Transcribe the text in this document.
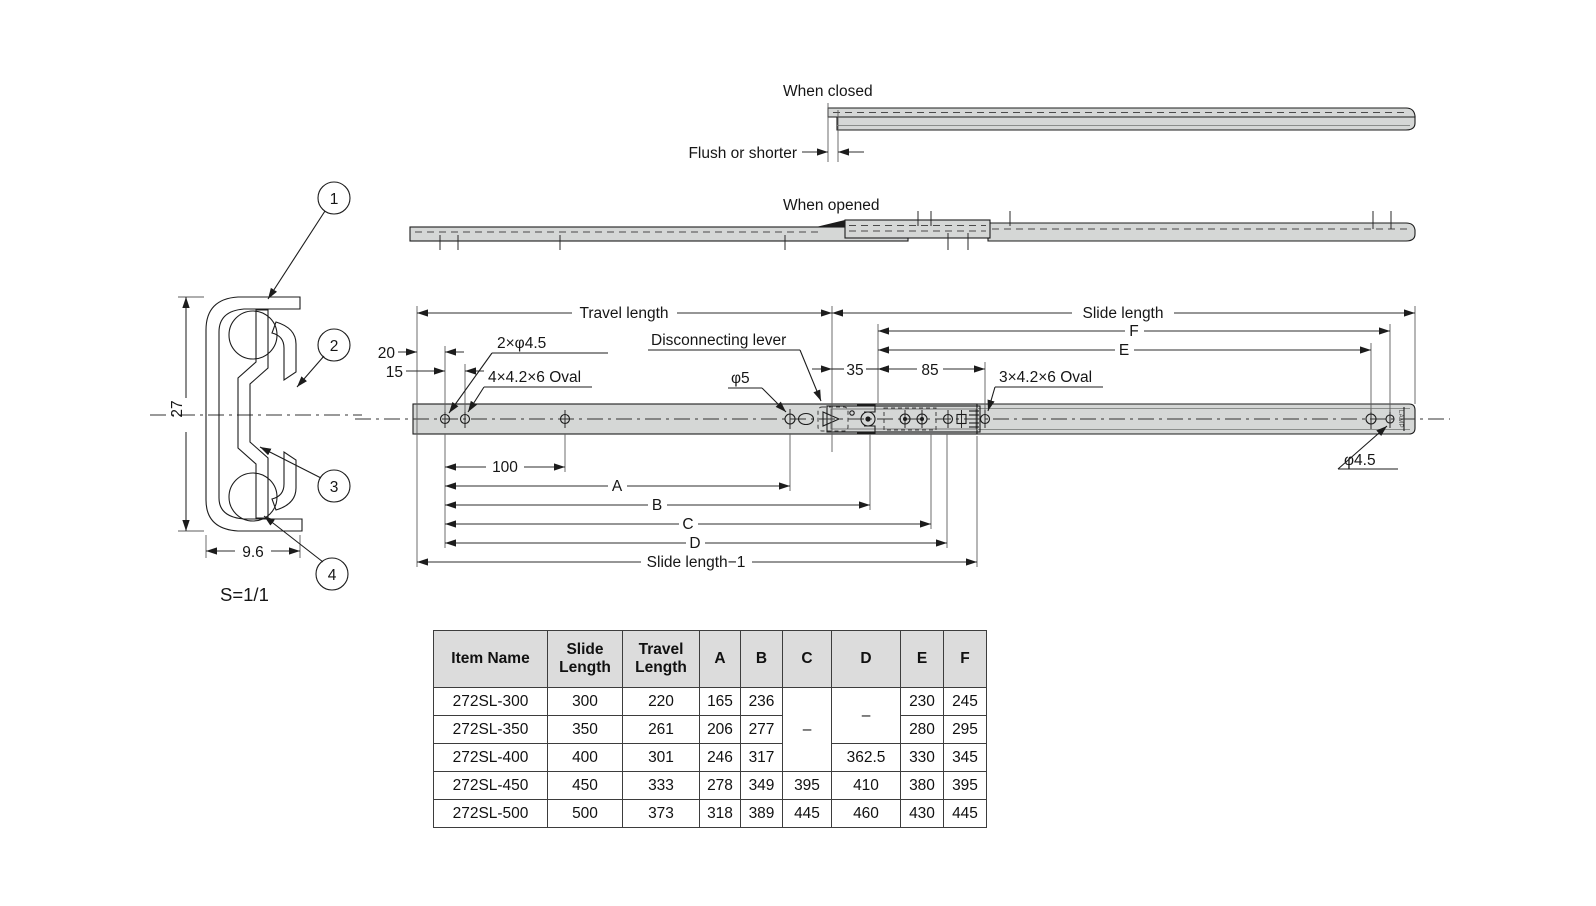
When closed
Flush or shorter
When opened
27
9.6
S=1/1
1
2
3
4
LAMP
Travel length	Slide length
F
E
20
15	35	85
2×φ4.5
4×4.2×6 Oval
Disconnecting lever
φ5	3×4.2×6 Oval
φ4.5
100
A
B
C
D
Slide length−1
Item Name	Slide Length	Travel Length	A	B	C	D	E	F
272SL-300	300	220	165	236	–	–	230	245
272SL-350	350	261	206	277			280	295
272SL-400	400	301	246	317		362.5	330	345
272SL-450	450	333	278	349	395	410	380	395
272SL-500	500	373	318	389	445	460	430	445
